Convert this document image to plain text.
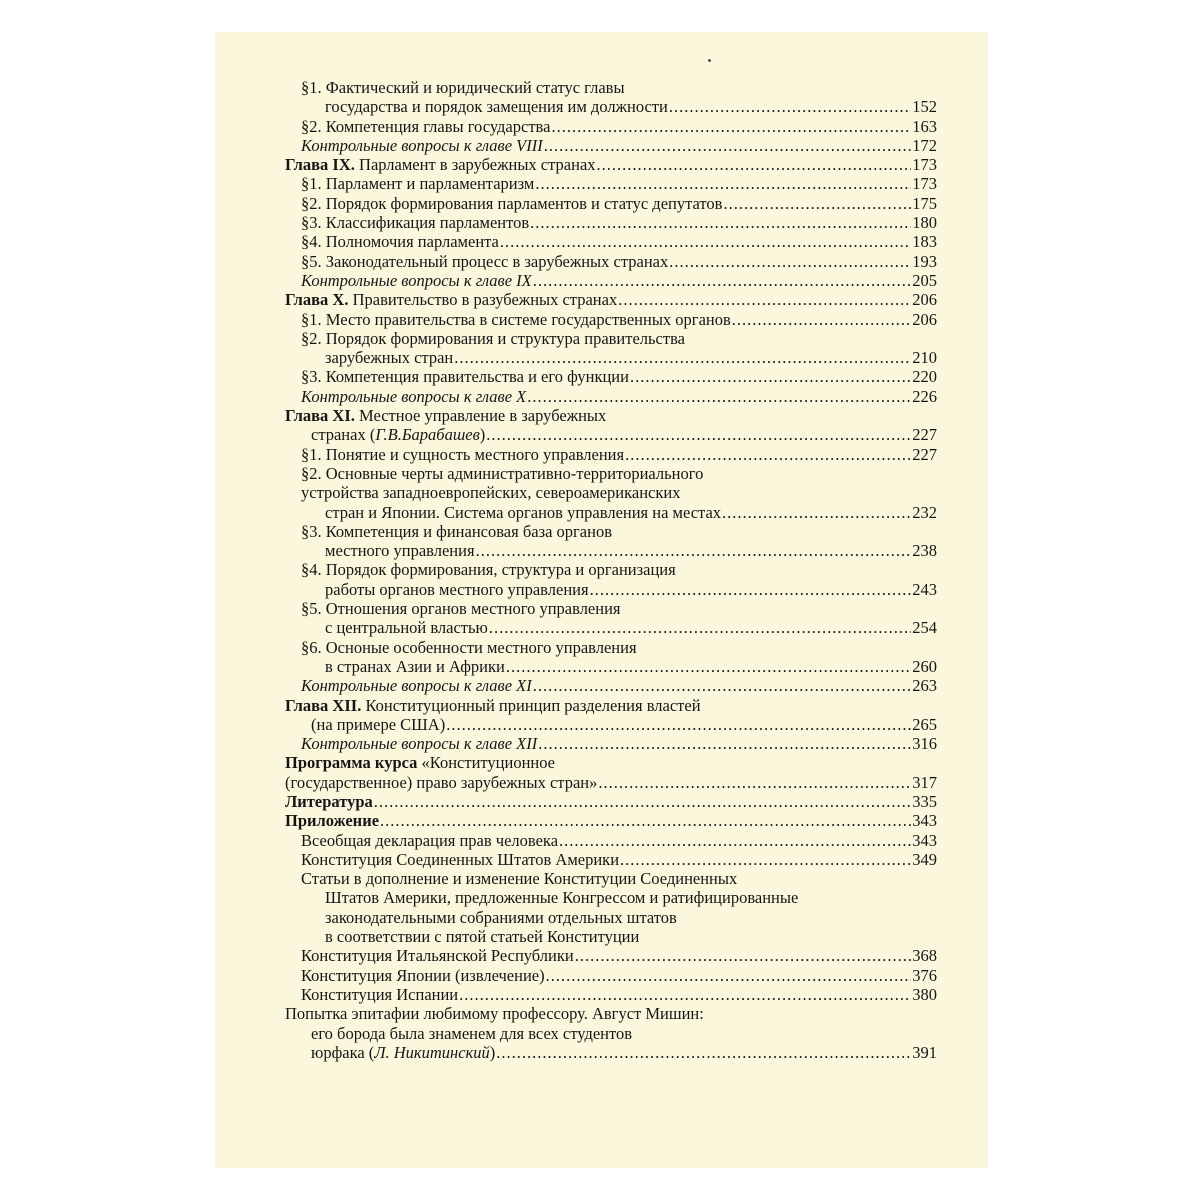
§1. Фактический и юридический статус главы
государства и порядок замещения им должности .....	152
§2. Компетенция главы государства .....	163
Контрольные вопросы к главе VIII .....	172
Глава IX. Парламент в зарубежных странах .....	173
§1. Парламент и парламентаризм .....	173
§2. Порядок формирования парламентов и статус депутатов .....	175
§3. Классификация парламентов .....	180
§4. Полномочия парламента .....	183
§5. Законодательный процесс в зарубежных странах .....	193
Контрольные вопросы к главе IX .....	205
Глава X. Правительство в разубежных странах .....	206
§1. Место правительства в системе государственных органов .....	206
§2. Порядок формирования и структура правительства
зарубежных стран .....	210
§3. Компетенция правительства и его функции .....	220
Контрольные вопросы к главе X .....	226
Глава XI. Местное управление в зарубежных
странах (Г.В.Барабашев) .....	227
§1. Понятие и сущность местного управления .....	227
§2. Основные черты административно-территориального
устройства западноевропейских, североамериканских
стран и Японии. Система органов управления на местах .....	232
§3. Компетенция и финансовая база органов
местного управления .....	238
§4. Порядок формирования, структура и организация
работы органов местного управления .....	243
§5. Отношения органов местного управления
с центральной властью .....	254
§6. Осноные особенности местного управления
в странах Азии и Африки .....	260
Контрольные вопросы к главе XI .....	263
Глава XII. Конституционный принцип разделения властей
(на примере США) .....	265
Контрольные вопросы к главе XII .....	316
Программа курса «Конституционное
(государственное) право зарубежных стран» .....	317
Литература .....	335
Приложение .....	343
Всеобщая декларация прав человека .....	343
Конституция Соединенных Штатов Америки .....	349
Статьи в дополнение и изменение Конституции Соединенных
Штатов Америки, предложенные Конгрессом и ратифицированные
законодательными собраниями отдельных штатов
в соответствии с пятой статьей Конституции
Конституция Итальянской Республики .....	368
Конституция Японии (извлечение) .....	376
Конституция Испании .....	380
Попытка эпитафии любимому профессору. Август Мишин:
его борода была знаменем для всех студентов
юрфака (Л. Никитинский) .....	391
